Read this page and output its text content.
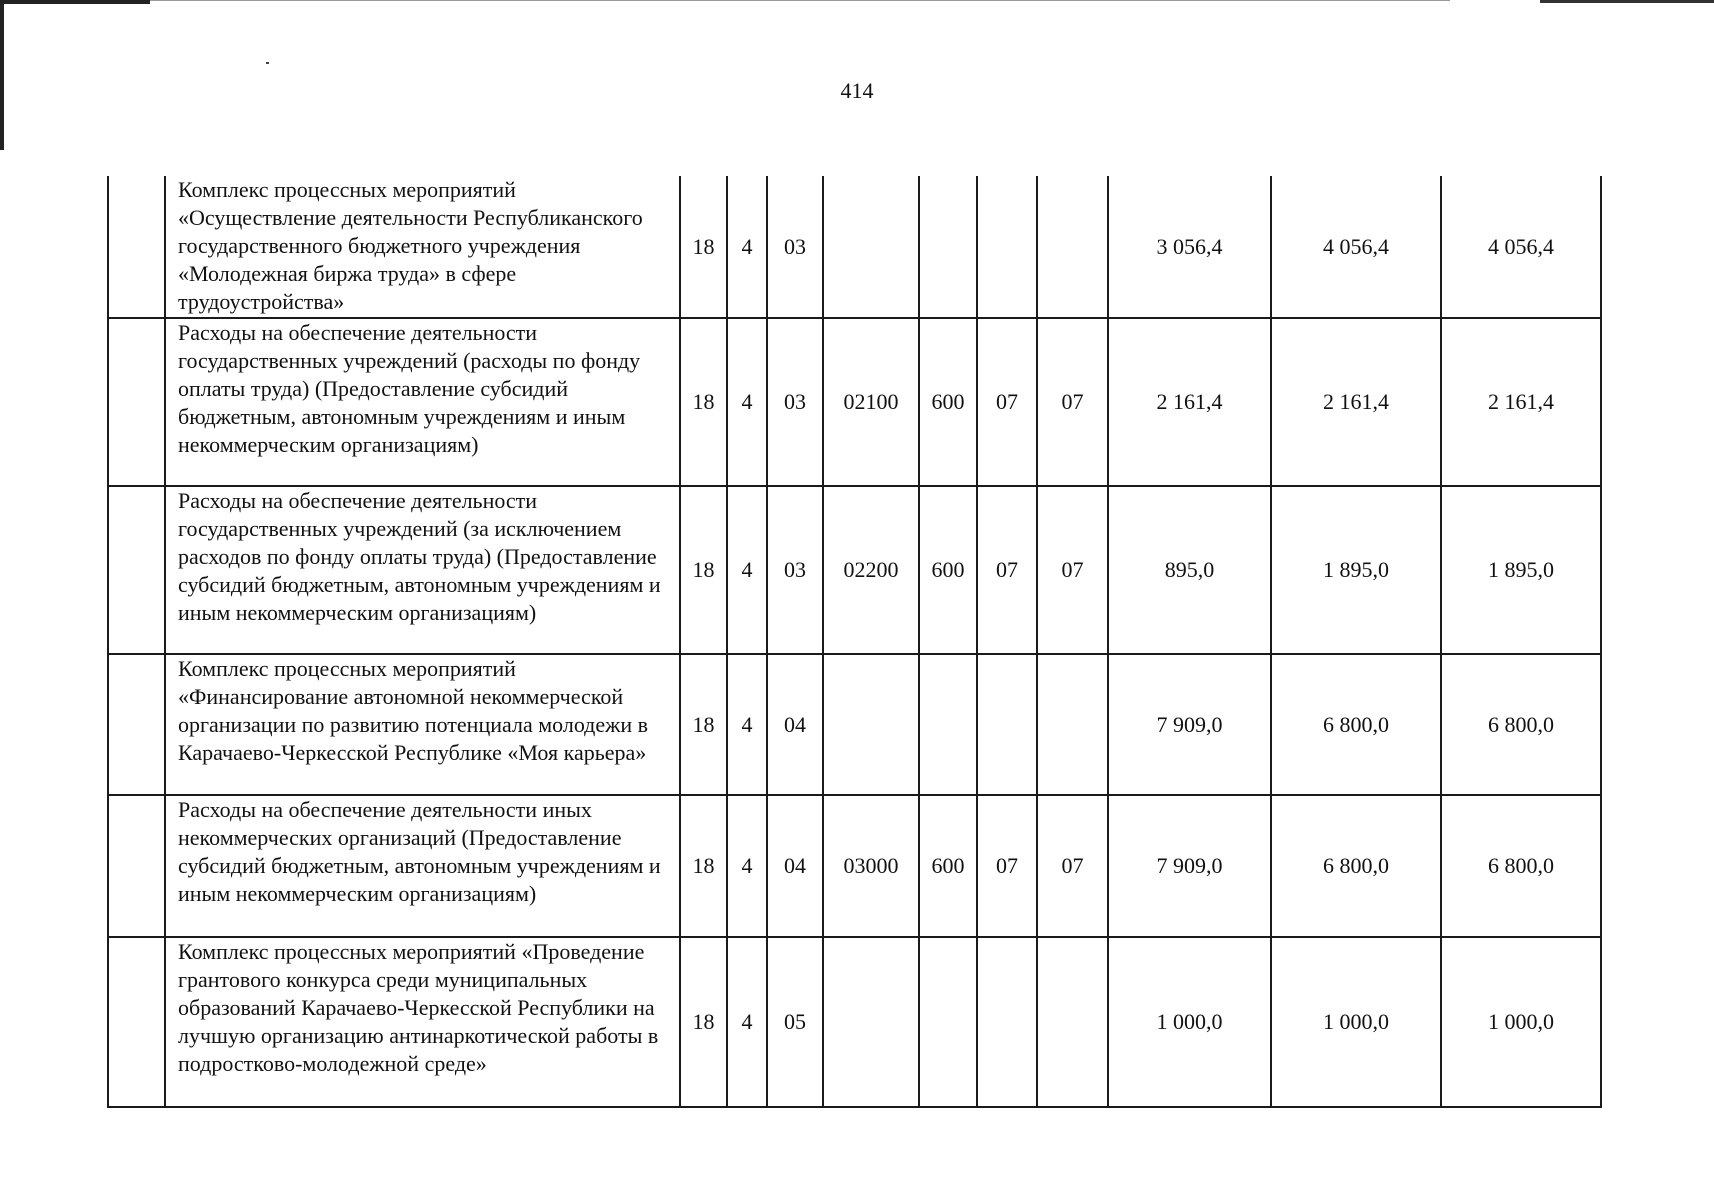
414
	Комплекс процессных мероприятий «Осуществление деятельности Республиканского государственного бюджетного учреждения «Молодежная биржа труда» в сфере трудоустройства»	18	4	03					3 056,4	4 056,4	4 056,4
	Расходы на обеспечение деятельности государственных учреждений (расходы по фонду оплаты труда) (Предоставление субсидий бюджетным, автономным учреждениям и иным некоммерческим организациям)	18	4	03	02100	600	07	07	2 161,4	2 161,4	2 161,4
	Расходы на обеспечение деятельности государственных учреждений (за исключением расходов по фонду оплаты труда) (Предоставление субсидий бюджетным, автономным учреждениям и иным некоммерческим организациям)	18	4	03	02200	600	07	07	895,0	1 895,0	1 895,0
	Комплекс процессных мероприятий «Финансирование автономной некоммерческой организации по развитию потенциала молодежи в Карачаево-Черкесской Республике «Моя карьера»	18	4	04					7 909,0	6 800,0	6 800,0
	Расходы на обеспечение деятельности иных некоммерческих организаций (Предоставление субсидий бюджетным, автономным учреждениям и иным некоммерческим организациям)	18	4	04	03000	600	07	07	7 909,0	6 800,0	6 800,0
	Комплекс процессных мероприятий «Проведение грантового конкурса среди муниципальных образований Карачаево-Черкесской Республики на лучшую организацию антинаркотической работы в подростково-молодежной среде»	18	4	05					1 000,0	1 000,0	1 000,0
